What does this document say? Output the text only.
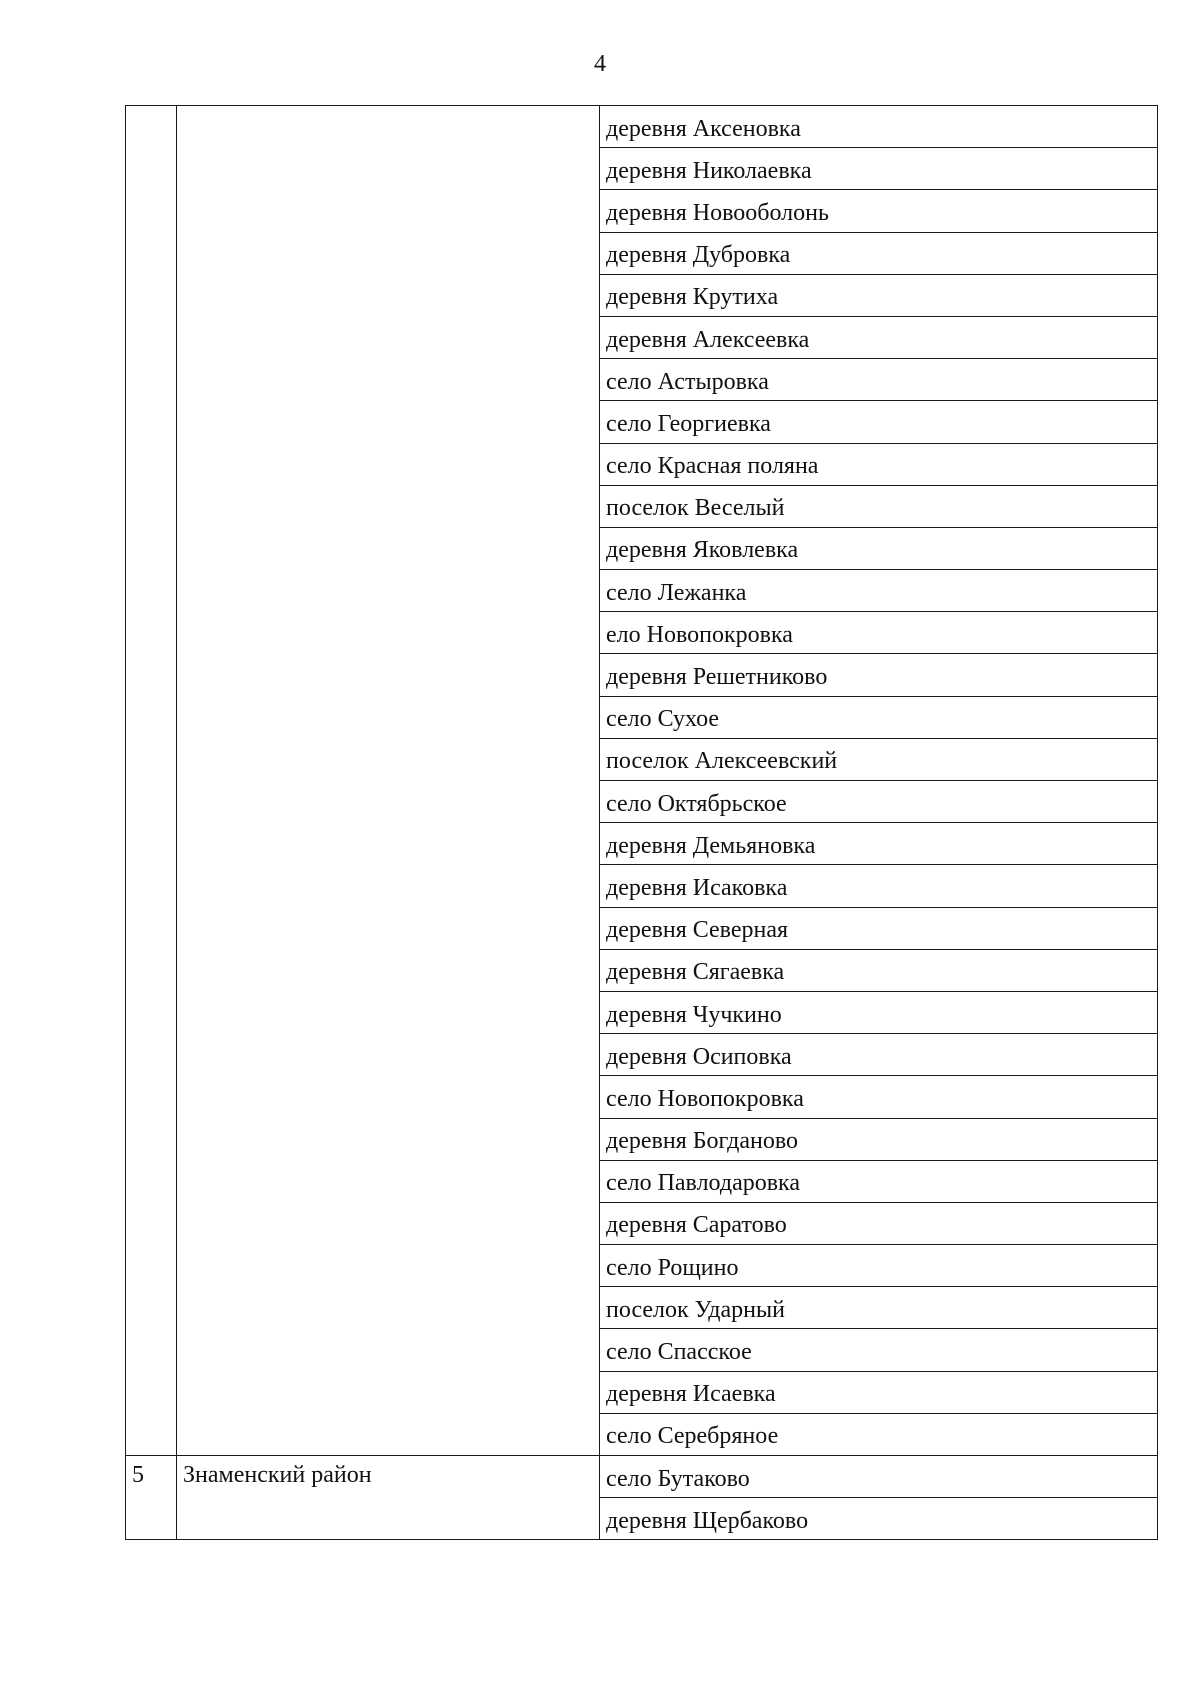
4
		деревня Аксеновка
		деревня Николаевка
		деревня Новооболонь
		деревня Дубровка
		деревня Крутиха
		деревня Алексеевка
		село Астыровка
		село Георгиевка
		село Красная поляна
		поселок Веселый
		деревня Яковлевка
		село Лежанка
		ело Новопокровка
		деревня Решетниково
		село Сухое
		поселок Алексеевский
		село Октябрьское
		деревня Демьяновка
		деревня Исаковка
		деревня Северная
		деревня Сягаевка
		деревня Чучкино
		деревня Осиповка
		село Новопокровка
		деревня Богданово
		село Павлодаровка
		деревня Саратово
		село Рощино
		поселок Ударный
		село Спасское
		деревня Исаевка
		село Серебряное
5	Знаменский район	село Бутаково
		деревня Щербаково
